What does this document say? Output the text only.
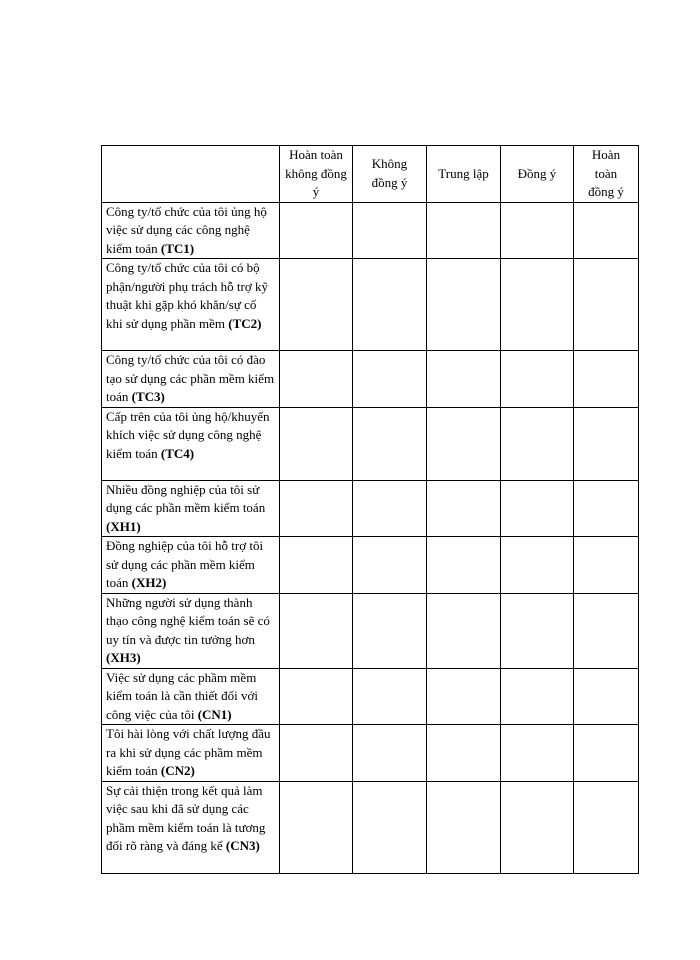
	Hoàn toàn không đồng ý	Không đồng ý	Trung lập	Đồng ý	Hoàn toàn đồng ý
Công ty/tổ chức của tôi ủng hộ việc sử dụng các công nghệ kiểm toán (TC1)					
Công ty/tổ chức của tôi có bộ phận/người phụ trách hỗ trợ kỹ thuật khi gặp khó khăn/sự cố khi sử dụng phần mềm (TC2)					
Công ty/tổ chức của tôi có đào tạo sử dụng các phần mềm kiểm toán (TC3)					
Cấp trên của tôi ủng hộ/khuyến khích việc sử dụng công nghệ kiểm toán (TC4)					
Nhiều đồng nghiệp của tôi sử dụng các phần mềm kiểm toán (XH1)					
Đồng nghiệp của tôi hỗ trợ tôi sử dụng các phần mềm kiểm toán (XH2)					
Những người sử dụng thành thạo công nghệ kiểm toán sẽ có uy tín và được tin tưởng hơn (XH3)					
Việc sử dụng các phầm mềm kiểm toán là cần thiết đối với công việc của tôi (CN1)					
Tôi hài lòng với chất lượng đầu ra khi sử dụng các phầm mềm kiểm toán (CN2)					
Sự cải thiện trong kết quả làm việc sau khi đã sử dụng các phầm mềm kiểm toán là tương đối rõ ràng và đáng kể (CN3)					
